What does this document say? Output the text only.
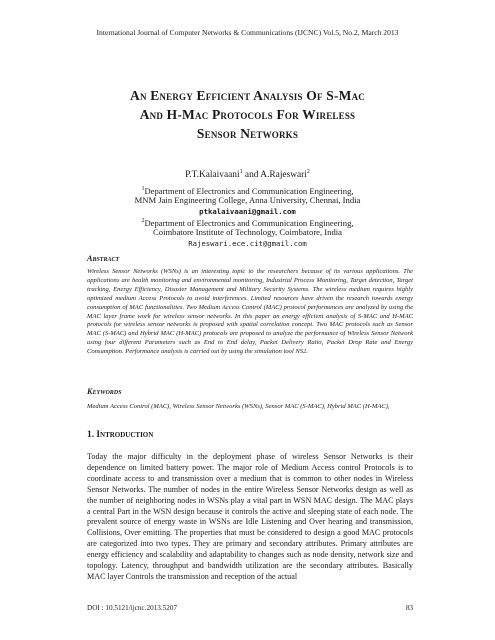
International Journal of Computer Networks & Communications (IJCNC) Vol.5, No.2, March 2013
An Energy Efficient Analysis Of S-Mac
And H-Mac Protocols For Wireless
Sensor Networks
P.T.Kalaivaani$^1$ and A.Rajeswari$^2$
$^1$Department of Electronics and Communication Engineering,
MNM Jain Engineering College, Anna University, Chennai, India
ptkalaivaani@gmail.com
$^2$Department of Electronics and Communication Engineering,
Coimbatore Institute of Technology, Coimbatore, India
Rajeswari.ece.cit@gmail.com
Abstract
Wireless Sensor Networks (WSNs) is an interesting topic to the researchers because of its various applications. The applications are health monitoring and environmental monitoring, Industrial Process Monitoring, Target detection, Target tracking, Energy Efficiency, Disaster Management and Military Security Systems. The wireless medium requires highly optimized medium Access Protocols to avoid interferences. Limited resources have driven the research towards energy consumption of MAC functionalities. Two Medium Access Control (MAC) protocol performances are analyzed by using the MAC layer frame work for wireless sensor networks. In this paper an energy efficient analysis of S-MAC and H-MAC protocols for wireless sensor networks is proposed with spatial correlation concept. Two MAC protocols such as Sensor MAC (S-MAC) and Hybrid MAC (H-MAC) protocols are proposed to analyze the performance of Wireless Sensor Network using four different Parameters such as End to End delay, Packet Delivery Ratio, Packet Drop Rate and Energy Consumption. Performance analysis is carried out by using the simulation tool NS2.
Keywords
Medium Access Control (MAC), Wireless Sensor Networks (WSNs), Sensor MAC (S-MAC), Hybrid MAC (H-MAC),
1. Introduction
Today the major difficulty in the deployment phase of wireless Sensor Networks is their dependence on limited battery power. The major role of Medium Access control Protocols is to coordinate access to and transmission over a medium that is common to other nodes in Wireless Sensor Networks. The number of nodes in the entire Wireless Sensor Networks design as well as the number of neighboring nodes in WSNs play a vital part in WSN MAC design. The MAC plays a central Part in the WSN design because it controls the active and sleeping state of each node. The prevalent source of energy waste in WSNs are Idle Listening and Over hearing and transmission, Collisions, Over emitting. The properties that must be considered to design a good MAC protocols are categorized into two types. They are primary and secondary attributes. Primary attributes are energy efficiency and scalability and adaptability to changes such as node density, network size and topology. Latency, throughput and bandwidth utilization are the secondary attributes. Basically MAC layer Controls the transmission and reception of the actual
DOI : 10.5121/ijcnc.2013.5207	83
